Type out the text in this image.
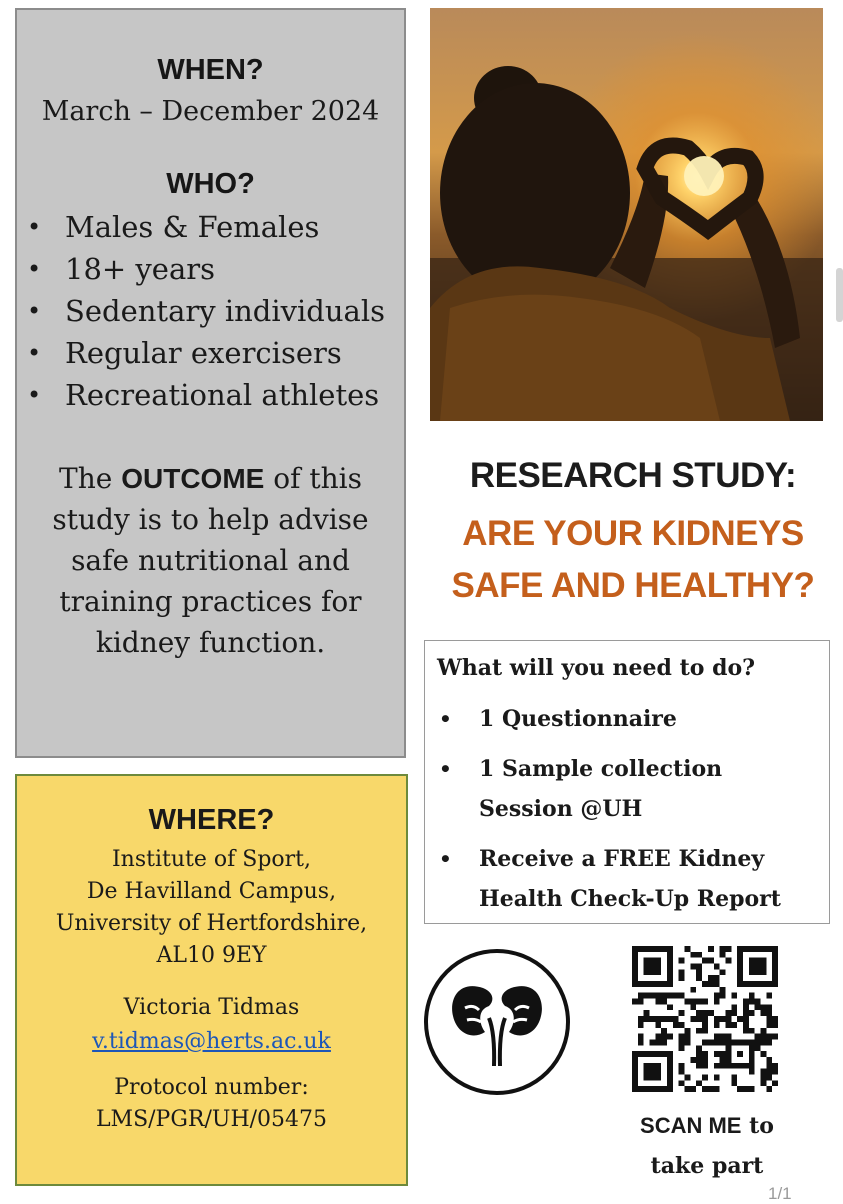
WHEN?
March – December 2024
WHO?
• Males & Females
• 18+ years
• Sedentary individuals
• Regular exercisers
• Recreational athletes
The OUTCOME of this
study is to help advise
safe nutritional and
training practices for
kidney function.
RESEARCH STUDY:
ARE YOUR KIDNEYS
SAFE AND HEALTHY?
What will you need to do?
• 1 Questionnaire
• 1 Sample collection
Session @UH
• Receive a FREE Kidney
Health Check-Up Report
WHERE?
Institute of Sport,
De Havilland Campus,
University of Hertfordshire,
AL10 9EY
Victoria Tidmas
v.tidmas@herts.ac.uk
Protocol number:
LMS/PGR/UH/05475	SCAN ME to
take part
1/1
